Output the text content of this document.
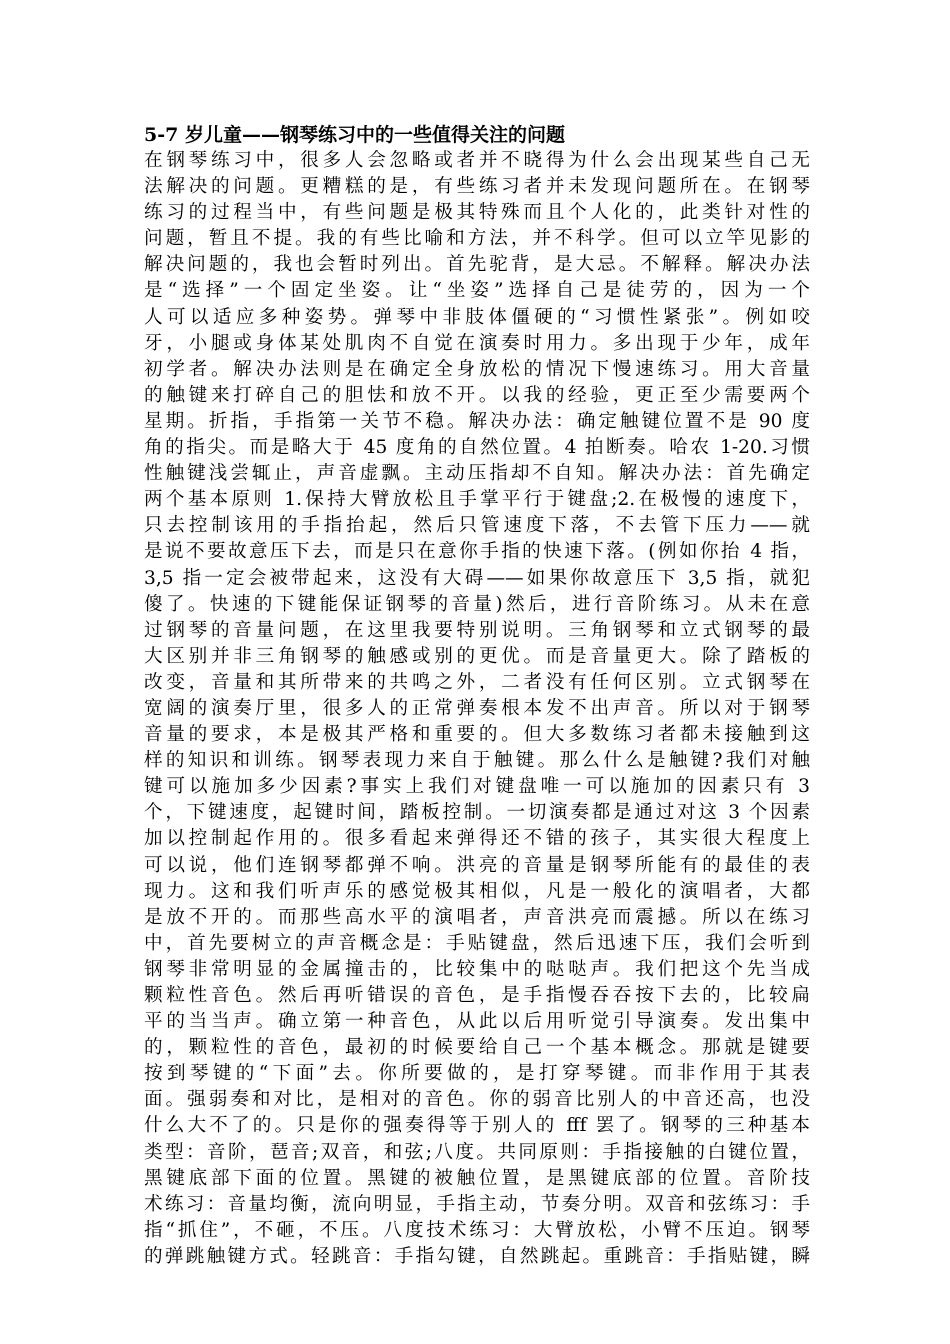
5-7 岁儿童——钢琴练习中的一些值得关注的问题
在钢琴练习中，很多人会忽略或者并不晓得为什么会出现某些自己无
法解决的问题。更糟糕的是，有些练习者并未发现问题所在。在钢琴
练习的过程当中，有些问题是极其特殊而且个人化的，此类针对性的
问题，暂且不提。我的有些比喻和方法，并不科学。但可以立竿见影的
解决问题的，我也会暂时列出。首先驼背，是大忌。不解释。解决办法
是“选择”一个固定坐姿。让“坐姿”选择自己是徒劳的，因为一个
人可以适应多种姿势。弹琴中非肢体僵硬的“习惯性紧张”。例如咬
牙，小腿或身体某处肌肉不自觉在演奏时用力。多出现于少年，成年
初学者。解决办法则是在确定全身放松的情况下慢速练习。用大音量
的触键来打碎自己的胆怯和放不开。以我的经验，更正至少需要两个
星期。折指，手指第一关节不稳。解决办法：确定触键位置不是 90 度
角的指尖。而是略大于 45 度角的自然位置。4 拍断奏。哈农 1-20.习惯
性触键浅尝辄止，声音虚飘。主动压指却不自知。解决办法：首先确定
两个基本原则 1.保持大臂放松且手掌平行于键盘;2.在极慢的速度下，
只去控制该用的手指抬起，然后只管速度下落，不去管下压力——就
是说不要故意压下去，而是只在意你手指的快速下落。(例如你抬 4 指，
3,5 指一定会被带起来，这没有大碍——如果你故意压下 3,5 指，就犯
傻了。快速的下键能保证钢琴的音量)然后，进行音阶练习。从未在意
过钢琴的音量问题，在这里我要特别说明。三角钢琴和立式钢琴的最
大区别并非三角钢琴的触感或别的更优。而是音量更大。除了踏板的
改变，音量和其所带来的共鸣之外，二者没有任何区别。立式钢琴在
宽阔的演奏厅里，很多人的正常弹奏根本发不出声音。所以对于钢琴
音量的要求，本是极其严格和重要的。但大多数练习者都未接触到这
样的知识和训练。钢琴表现力来自于触键。那么什么是触键?我们对触
键可以施加多少因素?事实上我们对键盘唯一可以施加的因素只有 3
个，下键速度，起键时间，踏板控制。一切演奏都是通过对这 3 个因素
加以控制起作用的。很多看起来弹得还不错的孩子，其实很大程度上
可以说，他们连钢琴都弹不响。洪亮的音量是钢琴所能有的最佳的表
现力。这和我们听声乐的感觉极其相似，凡是一般化的演唱者，大都
是放不开的。而那些高水平的演唱者，声音洪亮而震撼。所以在练习
中，首先要树立的声音概念是：手贴键盘，然后迅速下压，我们会听到
钢琴非常明显的金属撞击的，比较集中的哒哒声。我们把这个先当成
颗粒性音色。然后再听错误的音色，是手指慢吞吞按下去的，比较扁
平的当当声。确立第一种音色，从此以后用听觉引导演奏。发出集中
的，颗粒性的音色，最初的时候要给自己一个基本概念。那就是键要
按到琴键的“下面”去。你所要做的，是打穿琴键。而非作用于其表
面。强弱奏和对比，是相对的音色。你的弱音比别人的中音还高，也没
什么大不了的。只是你的强奏得等于别人的 fff 罢了。钢琴的三种基本
类型：音阶，琶音;双音，和弦;八度。共同原则：手指接触的白键位置，
黑键底部下面的位置。黑键的被触位置，是黑键底部的位置。音阶技
术练习：音量均衡，流向明显，手指主动，节奏分明。双音和弦练习：手
指“抓住”，不砸，不压。八度技术练习：大臂放松，小臂不压迫。钢琴
的弹跳触键方式。轻跳音：手指勾键，自然跳起。重跳音：手指贴键，瞬
